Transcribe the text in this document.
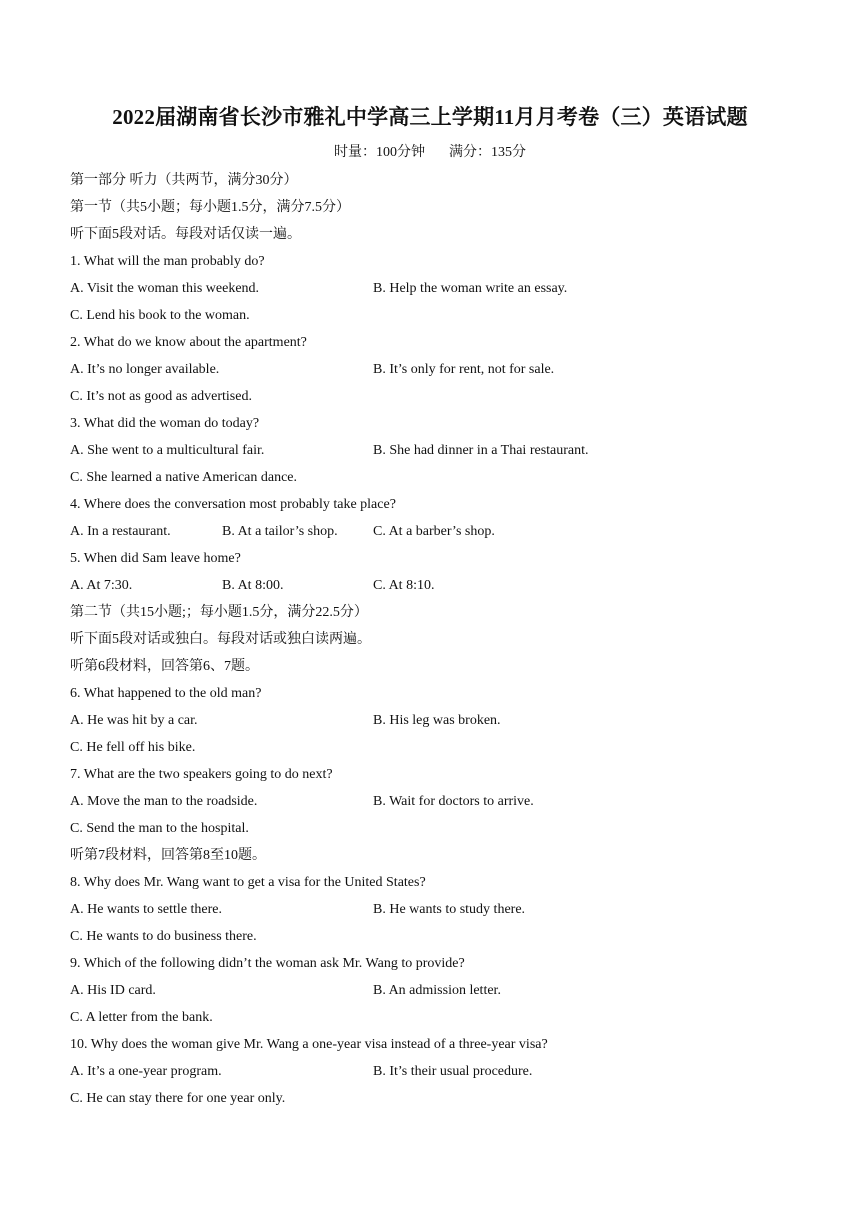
2022届湖南省长沙市雅礼中学高三上学期11月月考卷（三）英语试题
时量：100分钟 满分：135分
第一部分 听力（共两节，满分30分）
第一节（共5小题；每小题1.5分，满分7.5分）
听下面5段对话。每段对话仅读一遍。
1. What will the man probably do?
A. Visit the woman this weekend.	B. Help the woman write an essay.
C. Lend his book to the woman.
2. What do we know about the apartment?
A. It’s no longer available.	B. It’s only for rent, not for sale.
C. It’s not as good as advertised.
3. What did the woman do today?
A. She went to a multicultural fair.	B. She had dinner in a Thai restaurant.
C. She learned a native American dance.
4. Where does the conversation most probably take place?
A. In a restaurant.	B. At a tailor’s shop.	C. At a barber’s shop.
5. When did Sam leave home?
A. At 7:30.	B. At 8:00.	C. At 8:10.
第二节（共15小题;；每小题1.5分，满分22.5分）
听下面5段对话或独白。每段对话或独白读两遍。
听第6段材料，回答第6、7题。
6. What happened to the old man?
A. He was hit by a car.	B. His leg was broken.
C. He fell off his bike.
7. What are the two speakers going to do next?
A. Move the man to the roadside.	B. Wait for doctors to arrive.
C. Send the man to the hospital.
听第7段材料，回答第8至10题。
8. Why does Mr. Wang want to get a visa for the United States?
A. He wants to settle there.	B. He wants to study there.
C. He wants to do business there.
9. Which of the following didn’t the woman ask Mr. Wang to provide?
A. His ID card.	B. An admission letter.
C. A letter from the bank.
10. Why does the woman give Mr. Wang a one-year visa instead of a three-year visa?
A. It’s a one-year program.	B. It’s their usual procedure.
C. He can stay there for one year only.
